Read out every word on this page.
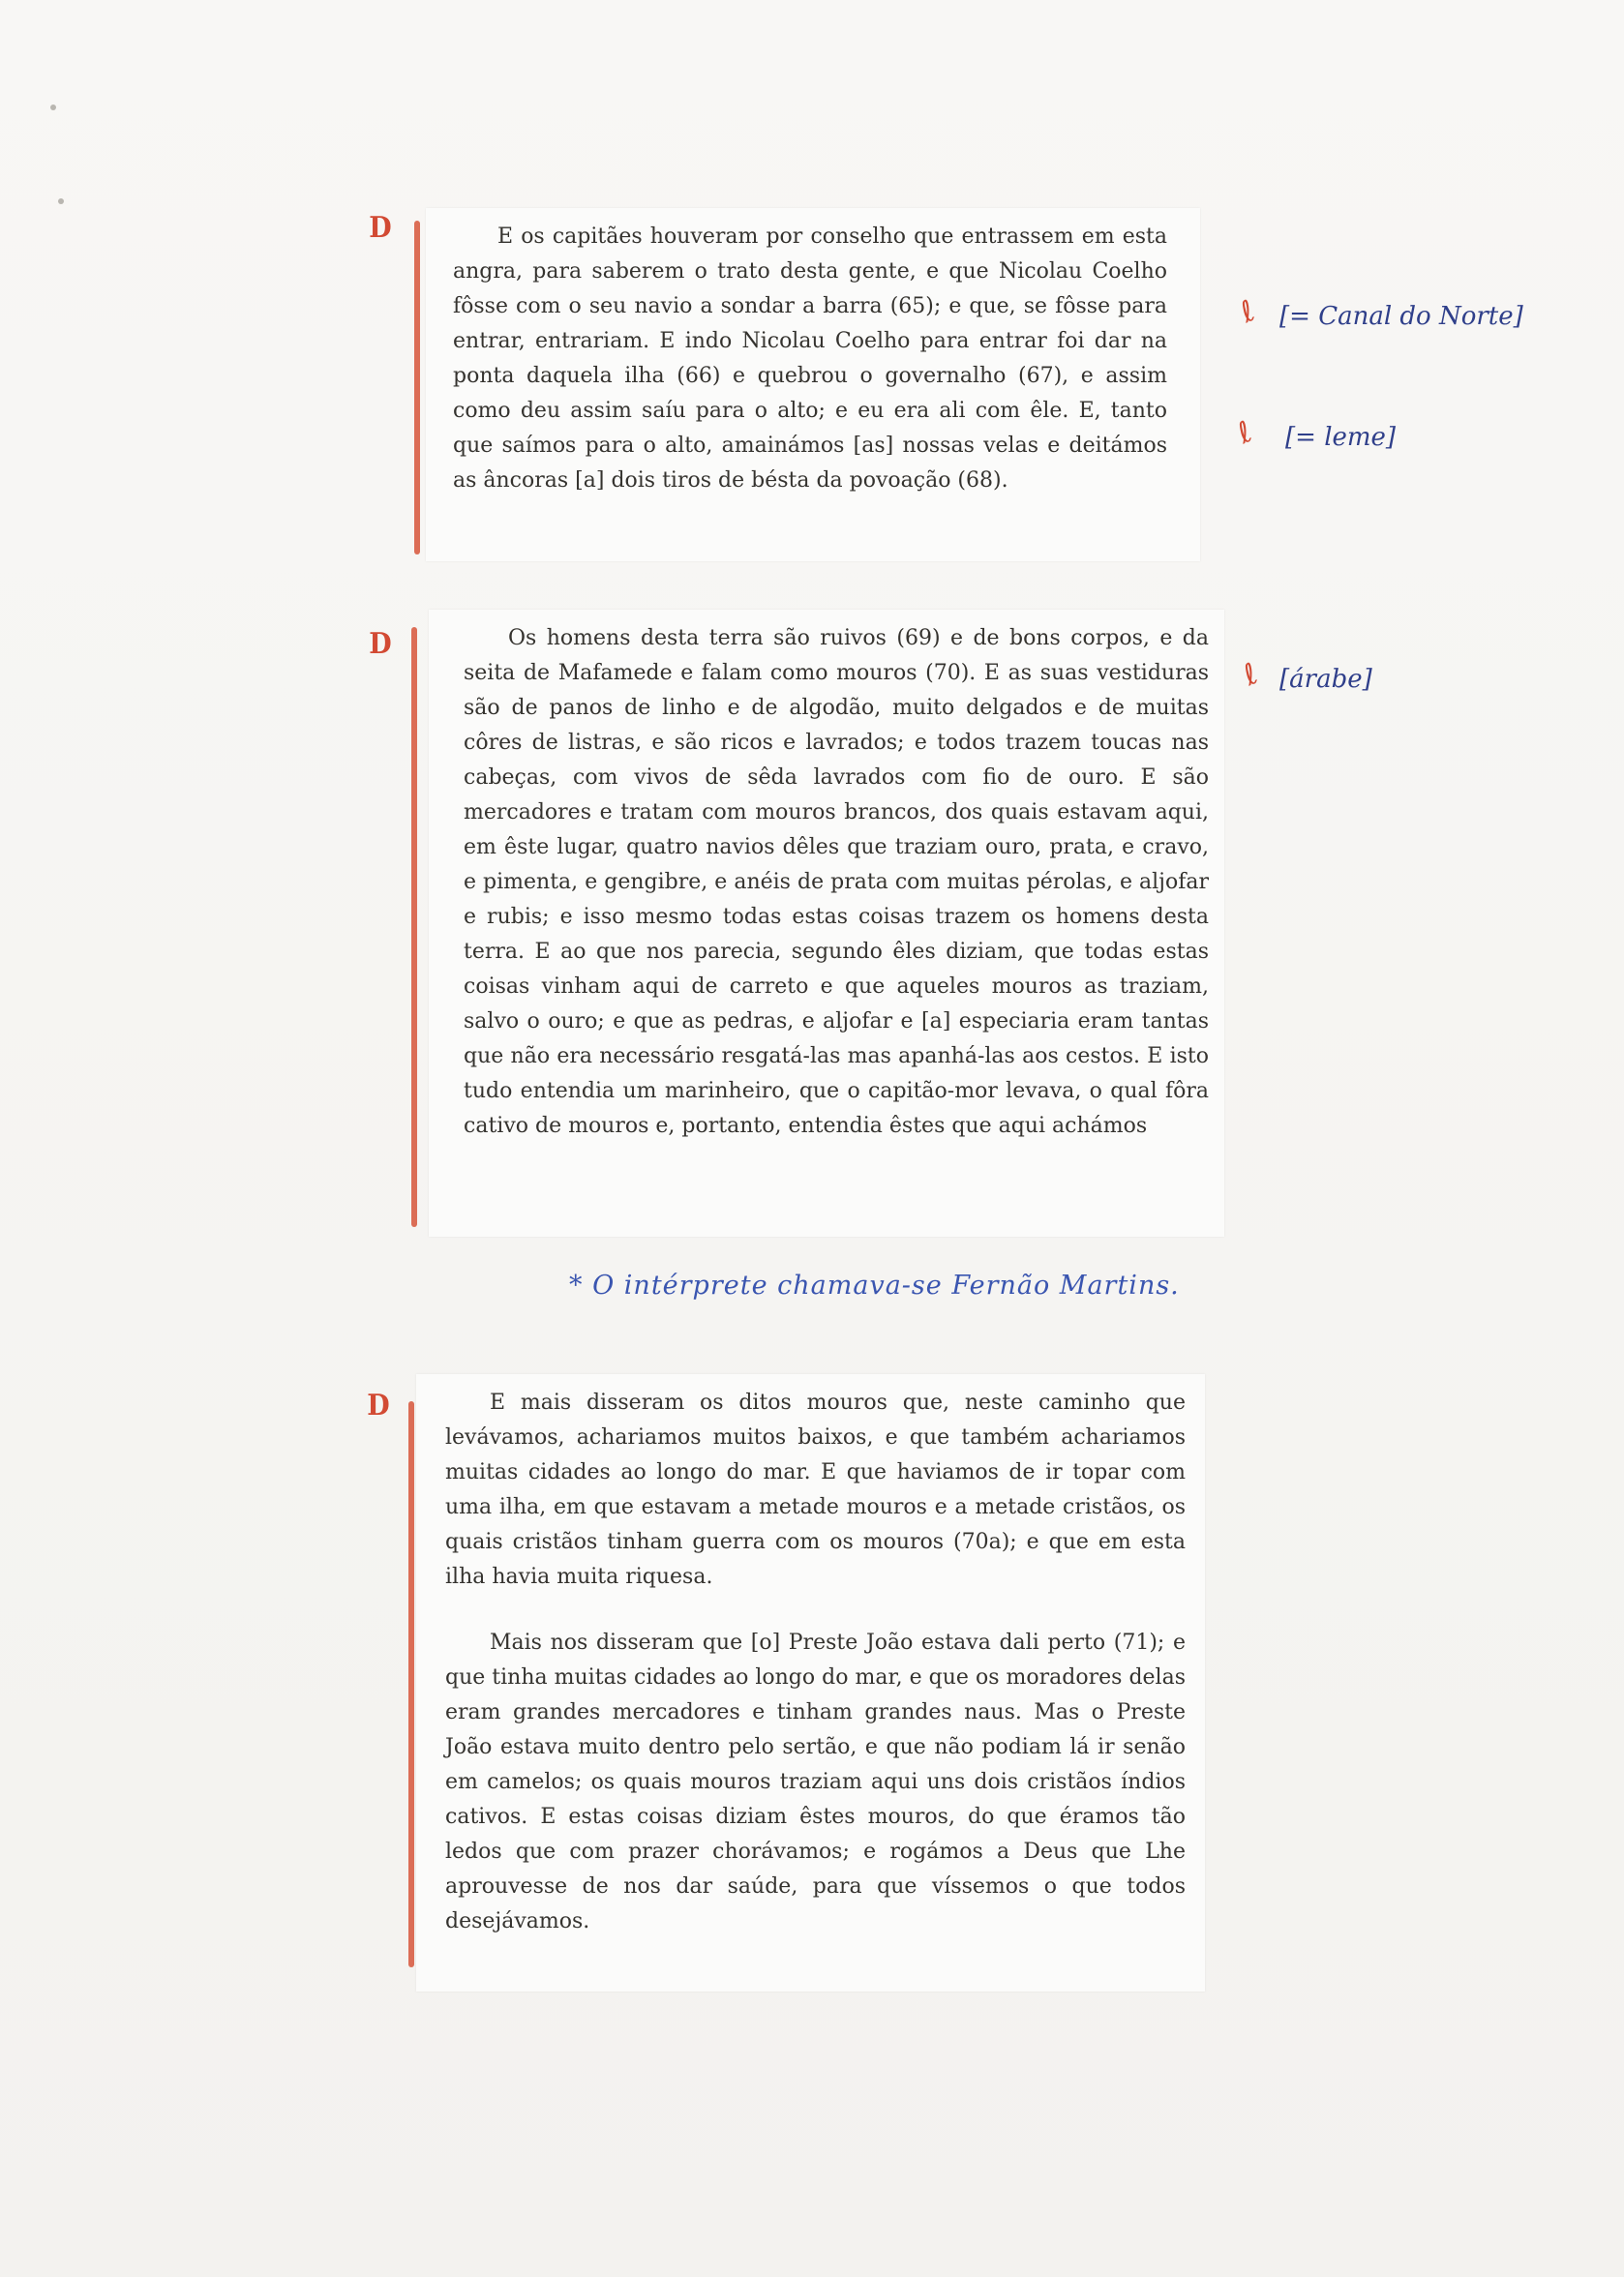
D	E os capitães houveram por conselho que entrassem em esta angra, para saberem o trato desta gente, e que Nicolau Coelho fôsse com o seu navio a sondar a barra (65); e que, se fôsse para entrar, entrariam. E indo Nicolau Coelho para entrar foi dar na ponta daquela ilha (66) e quebrou o governalho (67), e assim como deu assim saíu para o alto; e eu era ali com êle. E, tanto que saímos para o alto, amainámos [as] nossas velas e deitámos as âncoras [a] dois tiros de bésta da povoação (68).

ℓ [= Canal do Norte]
ℓ [= leme]
D	Os homens desta terra são ruivos (69) e de bons corpos, e da seita de Mafamede e falam como mouros (70). E as suas vestiduras são de panos de linho e de algodão, muito delgados e de muitas côres de listras, e são ricos e lavrados; e todos trazem toucas nas cabeças, com vivos de sêda lavrados com fio de ouro. E são mercadores e tratam com mouros brancos, dos quais estavam aqui, em êste lugar, quatro navios dêles que traziam ouro, prata, e cravo, e pimenta, e gengibre, e anéis de prata com muitas pérolas, e aljofar e rubis; e isso mesmo todas estas coisas trazem os homens desta terra. E ao que nos parecia, segundo êles diziam, que todas estas coisas vinham aqui de carreto e que aqueles mouros as traziam, salvo o ouro; e que as pedras, e aljofar e [a] especiaria eram tantas que não era necessário resgatá-las mas apanhá-las aos cestos. E isto tudo entendia um marinheiro, que o capitão-mor levava, o qual fôra cativo de mouros e, portanto, entendia êstes que aqui achámos

ℓ [árabe]
* O intérprete chamava-se Fernão Martins.
D	E mais disseram os ditos mouros que, neste caminho que levávamos, achariamos muitos baixos, e que também achariamos muitas cidades ao longo do mar. E que haviamos de ir topar com uma ilha, em que estavam a metade mouros e a metade cristãos, os quais cristãos tinham guerra com os mouros (70a); e que em esta ilha havia muita riquesa.

Mais nos disseram que [o] Preste João estava dali perto (71); e que tinha muitas cidades ao longo do mar, e que os moradores delas eram grandes mercadores e tinham grandes naus. Mas o Preste João estava muito dentro pelo sertão, e que não podiam lá ir senão em camelos; os quais mouros traziam aqui uns dois cristãos índios cativos. E estas coisas diziam êstes mouros, do que éramos tão ledos que com prazer chorávamos; e rogámos a Deus que Lhe aprouvesse de nos dar saúde, para que víssemos o que todos desejávamos.
